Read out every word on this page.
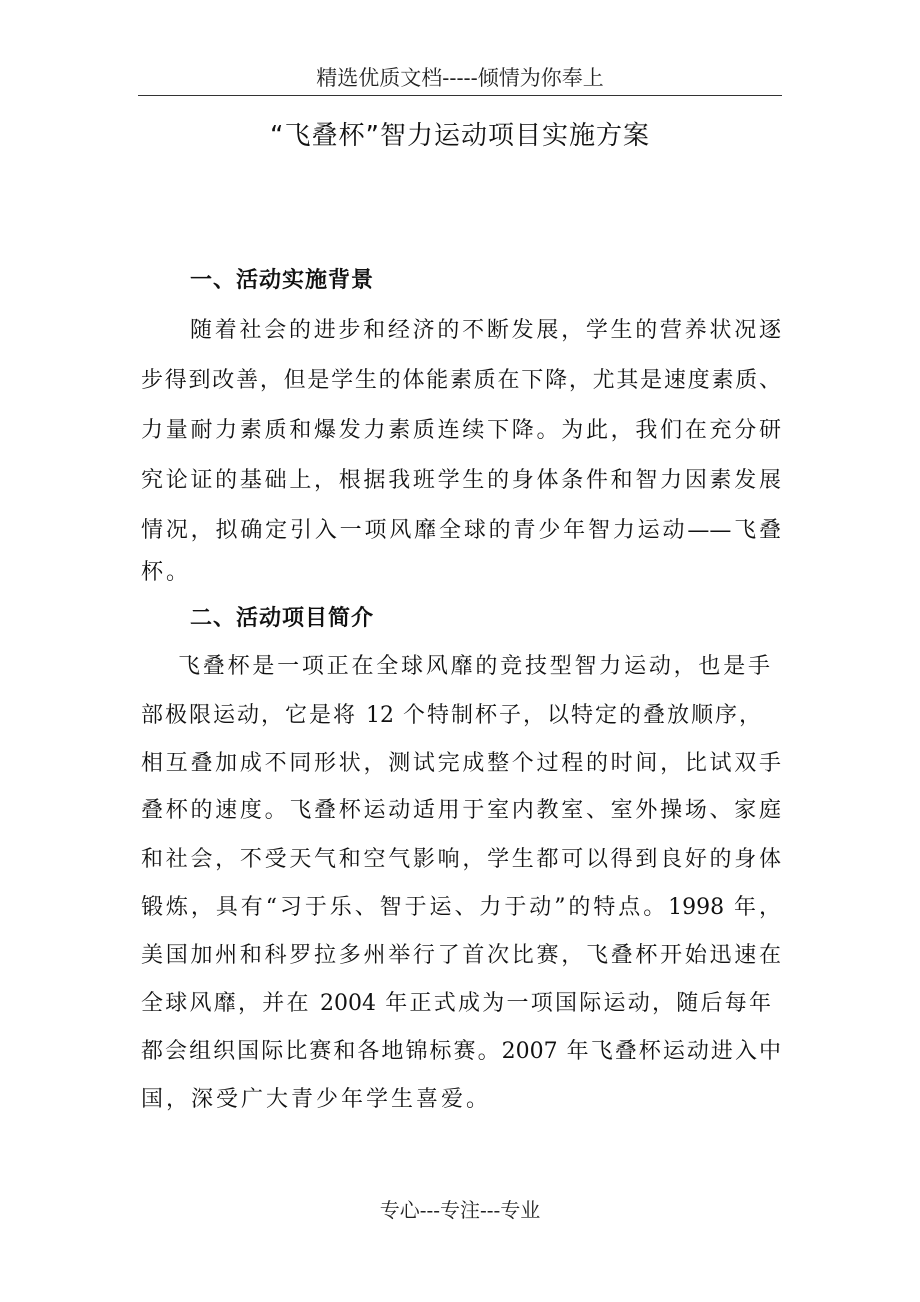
精选优质文档-----倾情为你奉上
“飞叠杯”智力运动项目实施方案
一、活动实施背景
随着社会的进步和经济的不断发展，学生的营养状况逐
步得到改善，但是学生的体能素质在下降，尤其是速度素质、
力量耐力素质和爆发力素质连续下降。为此，我们在充分研
究论证的基础上，根据我班学生的身体条件和智力因素发展
情况，拟确定引入一项风靡全球的青少年智力运动——飞叠
杯。
二、活动项目简介
飞叠杯是一项正在全球风靡的竞技型智力运动，也是手
部极限运动，它是将 12 个特制杯子，以特定的叠放顺序，
相互叠加成不同形状，测试完成整个过程的时间，比试双手
叠杯的速度。飞叠杯运动适用于室内教室、室外操场、家庭
和社会，不受天气和空气影响，学生都可以得到良好的身体
锻炼，具有“习于乐、智于运、力于动”的特点。1998 年，
美国加州和科罗拉多州举行了首次比赛，飞叠杯开始迅速在
全球风靡，并在 2004 年正式成为一项国际运动，随后每年
都会组织国际比赛和各地锦标赛。2007 年飞叠杯运动进入中
国，深受广大青少年学生喜爱。
专心---专注---专业
